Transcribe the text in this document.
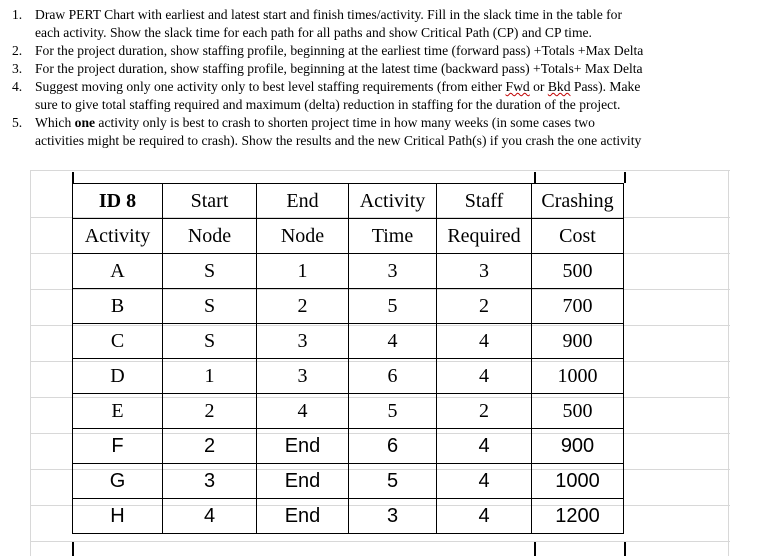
1. Draw PERT Chart with earliest and latest start and finish times/activity. Fill in the slack time in the table for
each activity. Show the slack time for each path for all paths and show Critical Path (CP) and CP time.
2. For the project duration, show staffing profile, beginning at the earliest time (forward pass) +Totals +Max Delta
3. For the project duration, show staffing profile, beginning at the latest time (backward pass) +Totals+ Max Delta
4. Suggest moving only one activity only to best level staffing requirements (from either Fwd or Bkd Pass). Make
sure to give total staffing required and maximum (delta) reduction in staffing for the duration of the project.
5. Which one activity only is best to crash to shorten project time in how many weeks (in some cases two
activities might be required to crash). Show the results and the new Critical Path(s) if you crash the one activity
ID 8	Start	End	Activity	Staff	Crashing
Activity	Node	Node	Time	Required	Cost
A	S	1	3	3	500
B	S	2	5	2	700
C	S	3	4	4	900
D	1	3	6	4	1000
E	2	4	5	2	500
F	2	End	6	4	900
G	3	End	5	4	1000
H	4	End	3	4	1200
